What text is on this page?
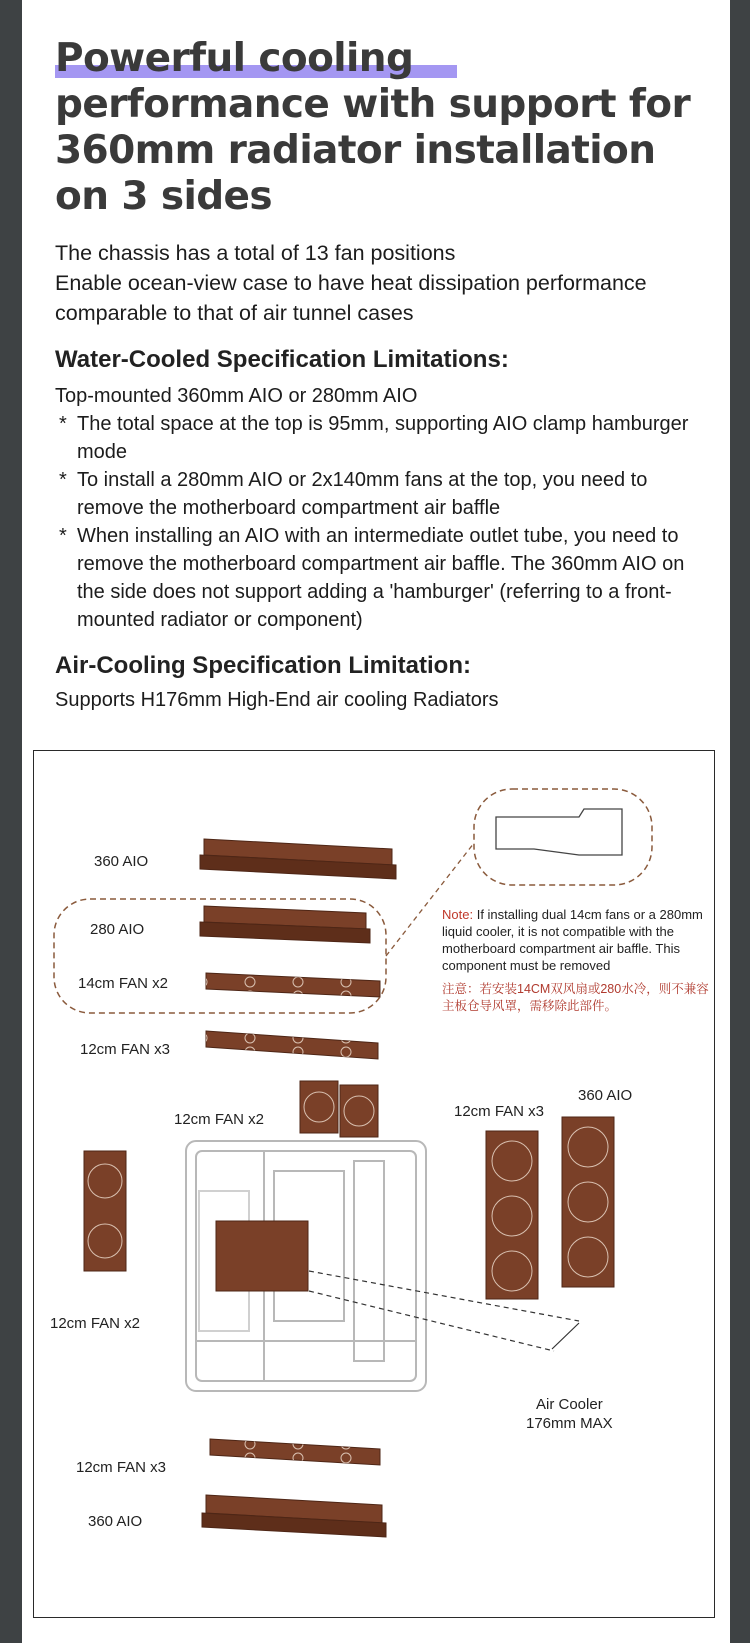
Powerful cooling performance with support for 360mm radiator installation on 3 sides
The chassis has a total of 13 fan positions
Enable ocean-view case to have heat dissipation performance
comparable to that of air tunnel cases
Water-Cooled Specification Limitations:
Top-mounted 360mm AIO or 280mm AIO
* The total space at the top is 95mm, supporting AIO clamp hamburger mode
* To install a 280mm AIO or 2x140mm fans at the top, you need to remove the motherboard compartment air baffle
* When installing an AIO with an intermediate outlet tube, you need to remove the motherboard compartment air baffle. The 360mm AIO on the side does not support adding a 'hamburger' (referring to a front-mounted radiator or component)
Air-Cooling Specification Limitation:
Supports H176mm High-End air cooling Radiators
360 AIO
280 AIO
14cm FAN x2
12cm FAN x3
12cm FAN x2	12cm FAN x3
360 AIO
12cm FAN x2
Air Cooler
176mm MAX
12cm FAN x3
360 AIO
Note: If installing dual 14cm fans or a 280mm liquid cooler, it is not compatible with the motherboard compartment air baffle. This component must be removed
注意：若安装14CM双风扇或280水冷，则不兼容主板仓导风罩，需移除此部件。
